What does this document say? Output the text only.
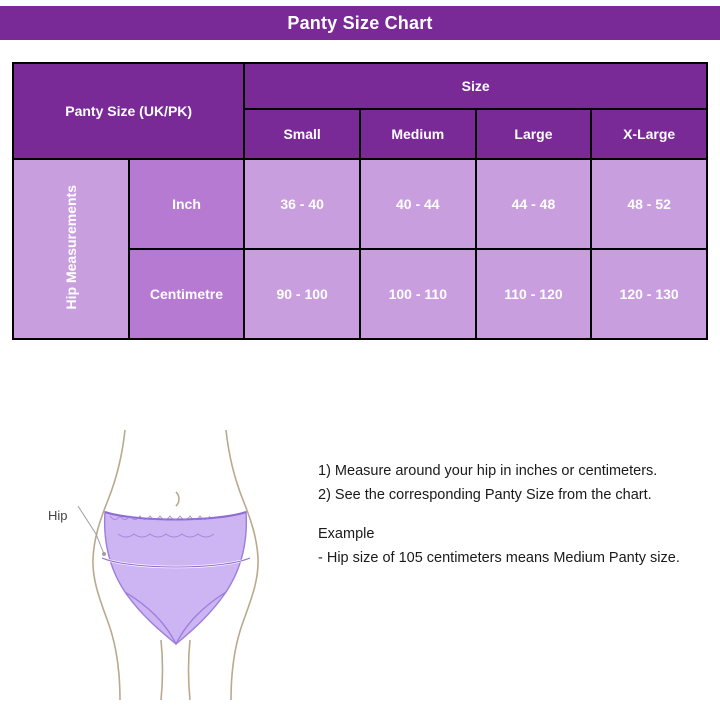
Panty Size Chart
Panty Size (UK/PK)		Size			
		Small	Medium	Large	X-Large
Hip Measurements	Inch	36 - 40	40 - 44	44 - 48	48 - 52
	Centimetre	90 - 100	100 - 110	110 - 120	120 - 130
Hip

1) Measure around your hip in inches or centimeters.

2) See the corresponding Panty Size from the chart.

Example

- Hip size of 105 centimeters means Medium Panty size.
